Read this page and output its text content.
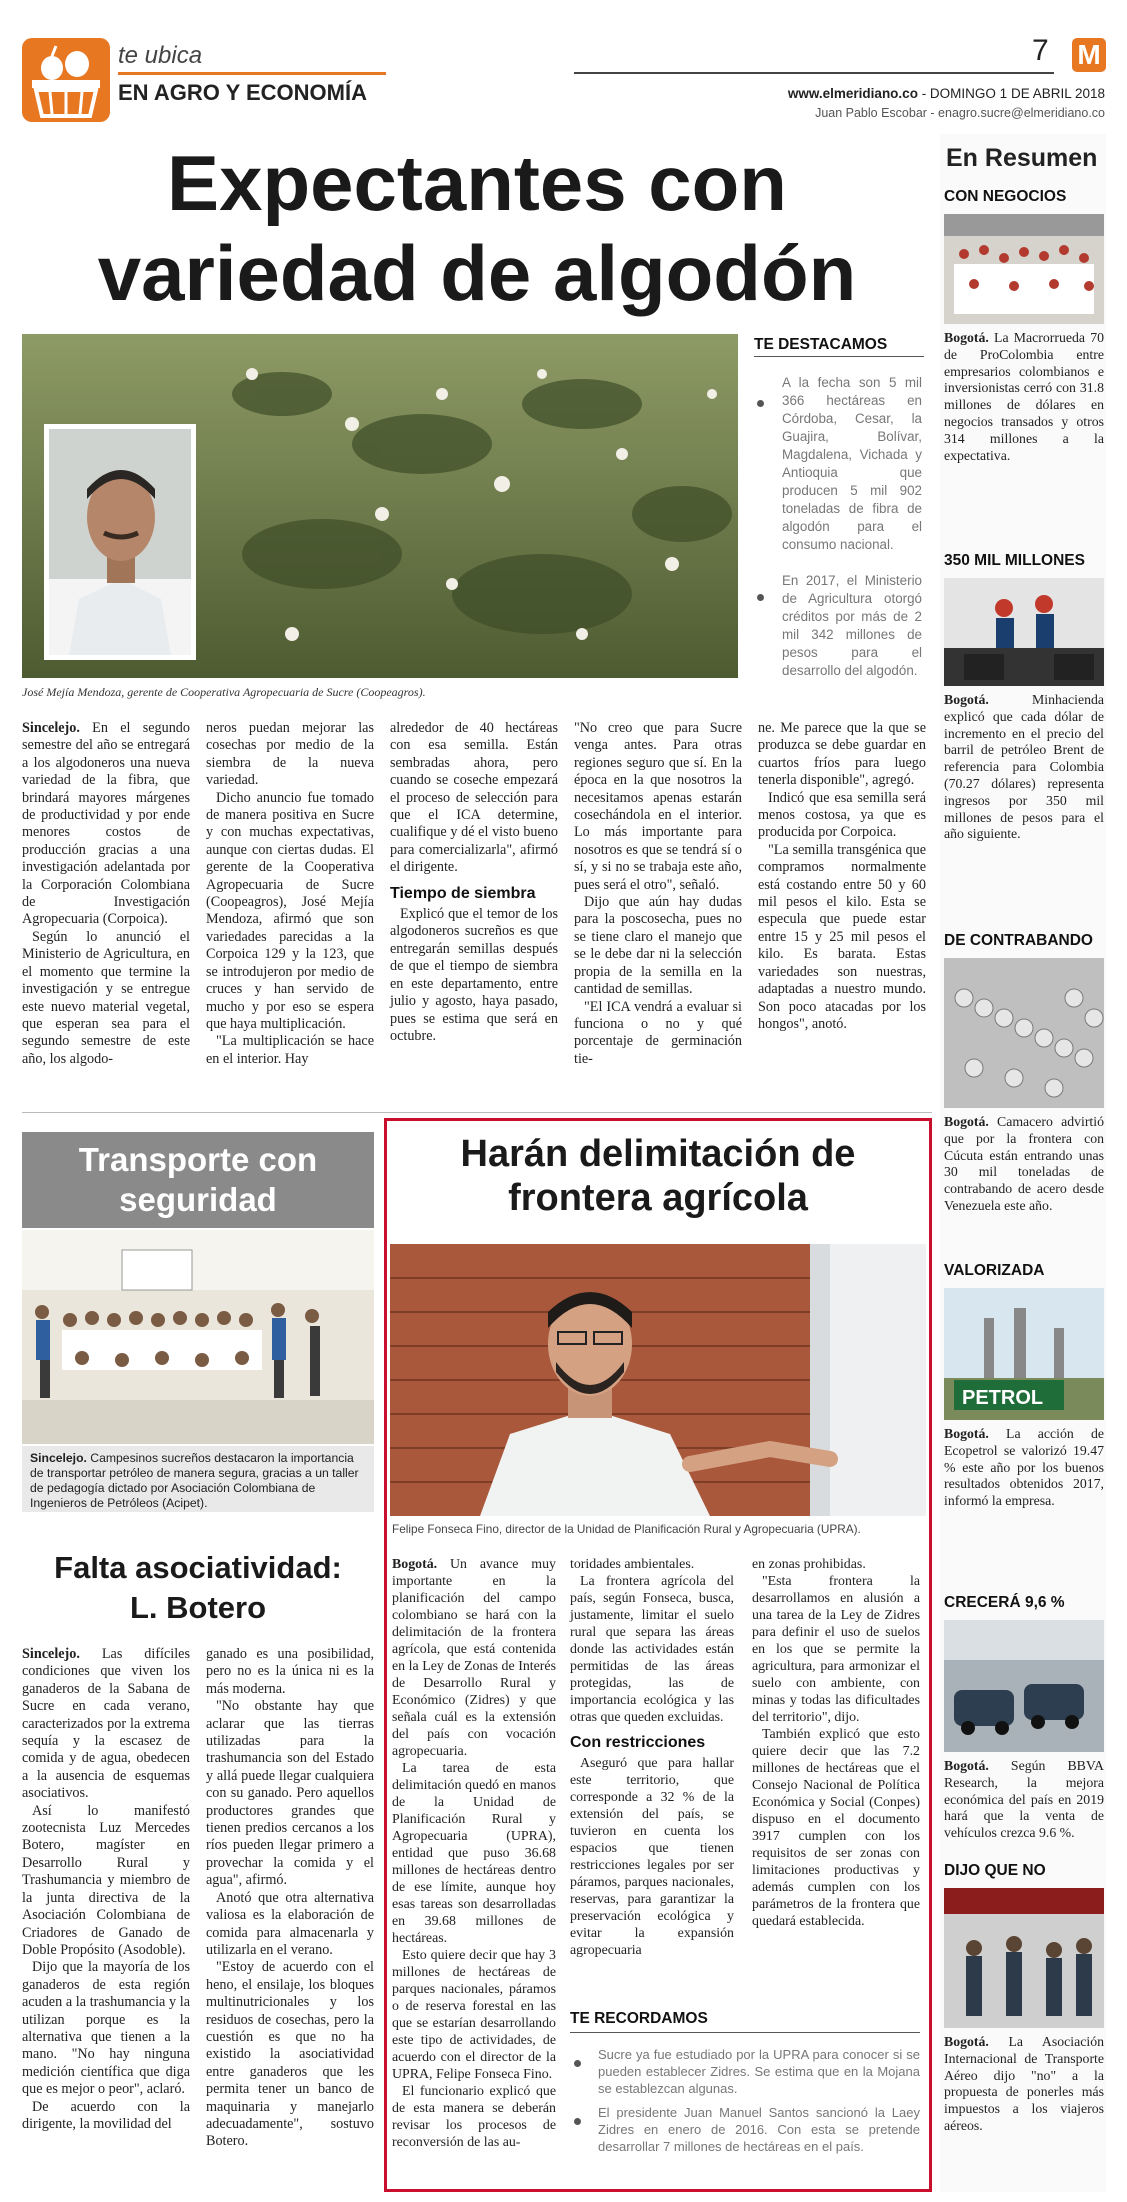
te ubica
EN AGRO Y ECONOMÍA
7 M
www.elmeridiano.co - DOMINGO 1 DE ABRIL 2018
Juan Pablo Escobar - enagro.sucre@elmeridiano.co
Expectantes con
variedad de algodón
José Mejía Mendoza, gerente de Cooperativa Agropecuaria de Sucre (Coopeagros).
TE DESTACAMOS
A la fecha son 5 mil 366 hectáreas en Córdoba, Cesar, la Guajira, Bolívar, Magdalena, Vichada y Antioquia que producen 5 mil 902 toneladas de fibra de algodón para el consumo nacional.
En 2017, el Ministerio de Agricultura otorgó créditos por más de 2 mil 342 millones de pesos para el desarrollo del algodón.

Sincelejo. En el segundo semestre del año se entregará a los algodoneros una nueva variedad de la fibra, que brindará mayores márgenes de productividad y por ende menores costos de producción gracias a una investigación adelantada por la Corporación Colombiana de Investigación Agropecuaria (Corpoica).

Según lo anunció el Ministerio de Agricultura, en el momento que termine la investigación y se entregue este nuevo material vegetal, que esperan sea para el segundo semestre de este año, los algodo-

neros puedan mejorar las cosechas por medio de la siembra de la nueva variedad.

Dicho anuncio fue tomado de manera positiva en Sucre y con muchas expectativas, aunque con ciertas dudas. El gerente de la Cooperativa Agropecuaria de Sucre (Coopeagros), José Mejía Mendoza, afirmó que son variedades parecidas a la Corpoica 129 y la 123, que se introdujeron por medio de cruces y han servido de mucho y por eso se espera que haya multiplicación.

"La multiplicación se hace en el interior. Hay

alrededor de 40 hectáreas con esa semilla. Están sembradas ahora, pero cuando se coseche empezará el proceso de selección para que el ICA determine, cualifique y dé el visto bueno para comercializarla", afirmó el dirigente.

Tiempo de siembra

Explicó que el temor de los algodoneros sucreños es que entregarán semillas después de que el tiempo de siembra en este departamento, entre julio y agosto, haya pasado, pues se estima que será en octubre.

"No creo que para Sucre venga antes. Para otras regiones seguro que sí. En la época en la que nosotros la necesitamos apenas estarán cosechándola en el interior. Lo más importante para nosotros es que se tendrá sí o sí, y si no se trabaja este año, pues será el otro", señaló.

Dijo que aún hay dudas para la poscosecha, pues no se tiene claro el manejo que se le debe dar ni la selección propia de la semilla en la cantidad de semillas.

"El ICA vendrá a evaluar si funciona o no y qué porcentaje de germinación tie-

ne. Me parece que la que se produzca se debe guardar en cuartos fríos para luego tenerla disponible", agregó.

Indicó que esa semilla será menos costosa, ya que es producida por Corpoica.

"La semilla transgénica que compramos normalmente está costando entre 50 y 60 mil pesos el kilo. Esta se especula que puede estar entre 15 y 25 mil pesos el kilo. Es barata. Estas variedades son nuestras, adaptadas a nuestro mundo. Son poco atacadas por los hongos", anotó.

Transporte con
seguridad
Sincelejo. Campesinos sucreños destacaron la importancia de transportar petróleo de manera segura, gracias a un taller de pedagogía dictado por Asociación Colombiana de Ingenieros de Petróleos (Acipet).
Falta asociatividad:
L. Botero

Sincelejo. Las difíciles condiciones que viven los ganaderos de la Sabana de Sucre en cada verano, caracterizados por la extrema sequía y la escasez de comida y de agua, obedecen a la ausencia de esquemas asociativos.

Así lo manifestó zootecnista Luz Mercedes Botero, magíster en Desarrollo Rural y Trashumancia y miembro de la junta directiva de la Asociación Colombiana de Criadores de Ganado de Doble Propósito (Asodoble).

Dijo que la mayoría de los ganaderos de esta región acuden a la trashumancia y la utilizan porque es la alternativa que tienen a la mano. "No hay ninguna medición científica que diga que es mejor o peor", aclaró.

De acuerdo con la dirigente, la movilidad del

ganado es una posibilidad, pero no es la única ni es la más moderna.

"No obstante hay que aclarar que las tierras utilizadas para la trashumancia son del Estado y allá puede llegar cualquiera con su ganado. Pero aquellos productores grandes que tienen predios cercanos a los ríos pueden llegar primero a provechar la comida y el agua", afirmó.

Anotó que otra alternativa valiosa es la elaboración de comida para almacenarla y utilizarla en el verano.

"Estoy de acuerdo con el heno, el ensilaje, los bloques multinutricionales y los residuos de cosechas, pero la cuestión es que no ha existido la asociatividad entre ganaderos que les permita tener un banco de maquinaria y manejarlo adecuadamente", sostuvo Botero.

Harán delimitación de
frontera agrícola
Felipe Fonseca Fino, director de la Unidad de Planificación Rural y Agropecuaria (UPRA).

Bogotá. Un avance muy importante en la planificación del campo colombiano se hará con la delimitación de la frontera agrícola, que está contenida en la Ley de Zonas de Interés de Desarrollo Rural y Económico (Zidres) y que señala cuál es la extensión del país con vocación agropecuaria.

La tarea de esta delimitación quedó en manos de la Unidad de Planificación Rural y Agropecuaria (UPRA), entidad que puso 36.68 millones de hectáreas dentro de ese límite, aunque hoy esas tareas son desarrolladas en 39.68 millones de hectáreas.

Esto quiere decir que hay 3 millones de hectáreas de parques nacionales, páramos o de reserva forestal en las que se estarían desarrollando este tipo de actividades, de acuerdo con el director de la UPRA, Felipe Fonseca Fino.

El funcionario explicó que de esta manera se deberán revisar los procesos de reconversión de las au-

toridades ambientales.

La frontera agrícola del país, según Fonseca, busca, justamente, limitar el suelo rural que separa las áreas donde las actividades están permitidas de las áreas protegidas, las de importancia ecológica y las otras que queden excluidas.

Con restricciones

Aseguró que para hallar este territorio, que corresponde a 32 % de la extensión del país, se tuvieron en cuenta los espacios que tienen restricciones legales por ser páramos, parques nacionales, reservas, para garantizar la preservación ecológica y evitar la expansión agropecuaria

en zonas prohibidas.

"Esta frontera la desarrollamos en alusión a una tarea de la Ley de Zidres para definir el uso de suelos en los que se permite la agricultura, para armonizar el suelo con ambiente, con minas y todas las dificultades del territorio", dijo.

También explicó que esto quiere decir que las 7.2 millones de hectáreas que el Consejo Nacional de Política Económica y Social (Conpes) dispuso en el documento 3917 cumplen con los requisitos de ser zonas con limitaciones productivas y además cumplen con los parámetros de la frontera que quedará establecida.

TE RECORDAMOS
Sucre ya fue estudiado por la UPRA para conocer si se pueden establecer Zidres. Se estima que en la Mojana se establezcan algunas.
El presidente Juan Manuel Santos sancionó la Laey Zidres en enero de 2016. Con esta se pretende desarrollar 7 millones de hectáreas en el país.
En Resumen
CON NEGOCIOS
Bogotá. La Macrorrueda 70 de ProColombia entre empresarios colombianos e inversionistas cerró con 31.8 millones de dólares en negocios transados y otros 314 millones a la expectativa.
350 MIL MILLONES
Bogotá. Minhacienda explicó que cada dólar de incremento en el precio del barril de petróleo Brent de referencia para Colombia (70.27 dólares) representa ingresos por 350 mil millones de pesos para el año siguiente.
DE CONTRABANDO
Bogotá. Camacero advirtió que por la frontera con Cúcuta están entrando unas 30 mil toneladas de contrabando de acero desde Venezuela este año.
VALORIZADA
PETROL
Bogotá. La acción de Ecopetrol se valorizó 19.47 % este año por los buenos resultados obtenidos 2017, informó la empresa.
CRECERÁ 9,6 %
Bogotá. Según BBVA Research, la mejora económica del país en 2019 hará que la venta de vehículos crezca 9.6 %.
DIJO QUE NO
Bogotá. La Asociación Internacional de Transporte Aéreo dijo "no" a la propuesta de ponerles más impuestos a los viajeros aéreos.
